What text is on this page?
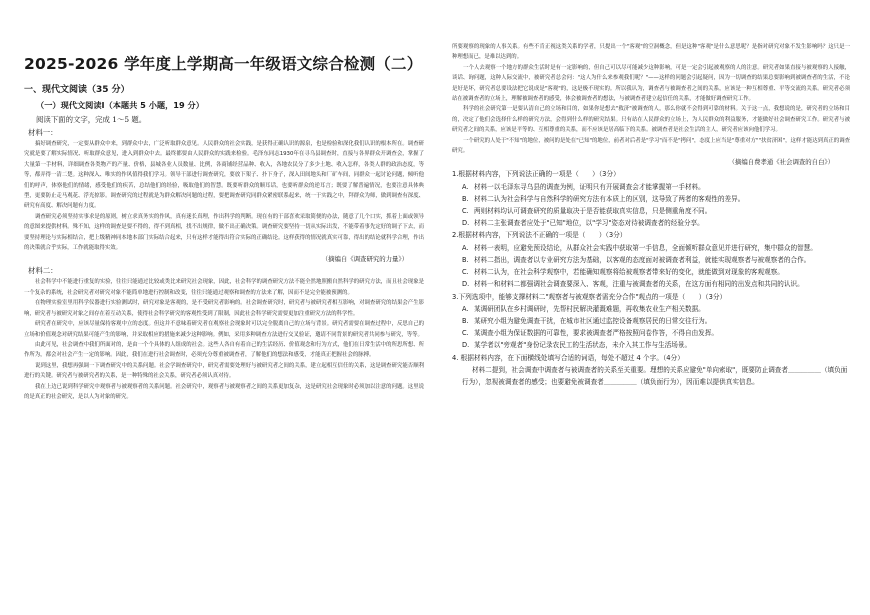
2025-2026 学年度上学期高一年级语文综合检测（二）
一、现代文阅读（35 分）
（一）现代文阅读Ⅰ（本题共 5 小题，19 分）
阅读下面的文字，完成 1～5 题。
材料一：

搞好调查研究，一定要从群众中来，到群众中去，广泛听取群众意见。人民群众的社会实践，是获得正确认识的源泉，也是检验和深化我们认识的根本所在。调查研究就是要了解实际情况、听取群众意见，进入到群众中去。最终都要由人民群众的实践来检验。毛泽东同志1930年在寻乌县调查时，直接与各界群众开调查会，掌握了大量第一手材料，详细调查各类物产的产量、价格，县城各业人员数量、比例，各商铺经营品种、收入，各地农民分了多少土地、收入怎样，各类人群的政治态度，等等，都弄得一清二楚。这种深入、唯实的作风值得我们学习。领导干部进行调查研究，要放下架子、扑下身子，深入田间地头和厂矿车间，同群众一起讨论问题，倾听他们的呼声，体察他们的情绪，感受他们的疾苦，总结他们的经验，吸取他们的智慧。既要听群众的顺耳话，也要听群众的逆耳言；既要了解普遍情况，也要注意具体典型，更要防止走马观花、浮光掠影。调查研究的过程就是为群众解决问题的过程，要把调查研究同群众紧密联系起来，统一于实践之中，拜群众为师，做到调查有深度、研究有高度、解决问题有力度。

调查研究必须坚持实事求是的原则，树立求真务实的作风，真有迷长真理，作出科学的判断。现在有的干部喜欢采取简便的办法，随意了几个口实，抓着上面或领导的意图来提供材料。殊不知，这样的调查是要不得的，得不到真相，找不出规律，做不出正确决策。调查研究要坚持一切从实际出发，不能带着事先定好的调子下去，而要坚持理论与实际相结合，把上级精神同本地本部门实际结合起来，只有这样才能得出符合实际的正确结论。这样获得的情况就真实可靠，得出的结论就科学合理，作出的决策就合乎实际，工作就能取得实效。

（摘编自《调查研究的力量》）
材料二：

社会科学中不能进行重复的实验，往往只能通过比较或类比来研究社会现象，因此，社会科学的调查研究方法不能全然地照搬自然科学的研究方法，而且社会现象是一个复杂的系统，社会研究者对研究对象不能简单地进行控制和改变，往往只能通过观察和调查的方法来了解，因而不是完全能被预测的。

在物理实验室里用科学仪器进行实验测试时，研究对象是客观的，是不受研究者影响的。社会调查研究时，研究者与被研究者相互影响，对调查研究的结果会产生影响，研究者与被研究对象之间存在着互动关系，使得社会科学研究的客观性受到了限制，因此社会科学研究需要更加注重研究方法的科学性。

研究者在研究中，应该尽量保持客观中立的态度。但这并不意味着研究者在观察社会现象时可以完全脱离自己的立场与背景。研究者需要在调查过程中，反思自己的立场和价值观念对研究结果可能产生的影响，并采取相应的措施来减少这种影响。例如，采用多种调查方法进行交叉验证，邀请不同背景的研究者共同参与研究，等等。

由此可见，社会调查中我们所面对的，是由一个个具体的人组成的社会。这些人各自有着自己的生活经历、价值观念和行为方式，他们在日常生活中的所思所想、所作所为，都会对社会产生一定的影响。因此，我们在进行社会调查时，必须充分尊重被调查者，了解他们的想法和感受，才能真正把握社会的脉搏。

说到这里，我想再强调一下调查研究中的关系问题。社会学调查研究中，研究者需要处理好与被研究者之间的关系，建立起相互信任的关系，这是调查研究能否顺利进行的关键。研究者与被研究者的关系，是一种特殊的社会关系，研究者必须认真对待。

我在上边已说到科学研究中观察者与被观察者的关系问题。社会研究中，观察者与被观察者之间的关系更加复杂，这是研究社会现象时必须加以注意的问题。这里说的是真正的社会研究，是以人为对象的研究。

所要观察的现象的人事关系。有些不肯正视这类关系的学者，只提出一个"客观"的空洞概念，但是这种"客观"是什么意思呢？是指对研究对象不发生影响吗？这只是一种理想而已，是难以达到的。

一个人去观察一个地方的群众生活时是有一定影响的，但自己可以尽可能减少这种影响，可是一定会引起被观察的人的注意。研究者如果直接与被观察的人接触，谈话、询问题，这种人际交流中，被研究者总会问："这人为什么来参观我们呢？"——这样的问题会引起疑问，因为一切调查的结果总要影响到被调查者的生活，不论是好是坏，研究者总要设法把它说成是"客观"的，这是极不现实的。所以我认为，调查者与被调查者之间的关系，应该是一种互相尊重、平等交流的关系。研究者必须站在被调查者的立场上，理解被调查者的感受，体会被调查者的想法，与被调查者建立起信任的关系，才能做好调查研究工作。

科学的社会研究第一是要认清自己的立场和目的，如果你是想去"救济"被调查的人，那么你就不会得到可靠的材料。关于这一点，我想说的是，研究者的立场和目的，决定了他们会选择什么样的研究方法，会得到什么样的研究结果。只有站在人民群众的立场上，为人民群众的利益服务，才能做好社会调查研究工作。研究者与被研究者之间的关系，应该是平等的、互相尊重的关系，而不应该是居高临下的关系。被调查者是社会生活的主人，研究者应该向他们学习。

一个研究的人处于"不知"的地位，被问的是处在"已知"的地位，前者对后者是"学习"而不是"拷问"，态度上应当是"尊重对方""扶贫济困"，这样才能达到真正的调查研究。

（摘编自费孝通《社会调查的自白》）
1.根据材料内容，下列说法正确的一项是（　　）（3分）
A. 材料一以毛泽东寻乌县的调查为例，证明只有开展调查会才能掌握第一手材料。
B. 材料二认为社会科学与自然科学的研究方法有本质上的区别，这导致了两者的客观性的差异。
C. 两则材料均认可调查研究的质量取决于是否能获取真实信息，只是侧重角度不同。
D. 材料二主张调查者应处于"已知"地位，以"学习"姿态对待被调查者的经验分享。
2.根据材料内容，下列说法不正确的一项是（　　）（3分）
A. 材料一表明，应避免预设结论，从群众社会实践中获取第一手信息，全面倾听群众意见并进行研究，集中群众的智慧。
B. 材料二指出，调查者以专业研究方法为基础，以客观的态度面对被调查者利益，就能实现观察者与被观察者的合作。
C. 材料二认为，在社会科学观察中，若能确知观察将给被观察者带来好的变化，就能做到对现象的客观观察。
D. 材料一和材料二都强调社会调查要深入、客观，注重与被调查者的关系，在这方面有相同的出发点和共同的认识。
3.下列选项中，能够支撑材料二"观察者与被观察者需充分合作"观点的一项是（　　）（3分）
A. 某调研团队在乡村调研时，先帮村民解决灌溉难题，再收集农业生产相关数据。
B. 某研究小组为避免调查干扰，在城市社区通过监控设备观察居民的日常交往行为。
C. 某调查小组为保证数据的可靠性，要求被调查者严格按照问卷作答，不得自由发挥。
D. 某学者以"旁观者"身份记录农民工的生活状态，未介入其工作与生活场景。
4. 根据材料内容，在下面横线处填写合适的词语，每处不超过 4 个字。（4分）
材料二提到，社会调查中调查者与被调查者的关系至关重要。理想的关系应避免"单向索取"，既要防止调查者＿＿＿＿＿（填负面行为），忽视被调查者的感受；也要避免被调查者＿＿＿＿＿（填负面行为），因而难以提供真实信息。
